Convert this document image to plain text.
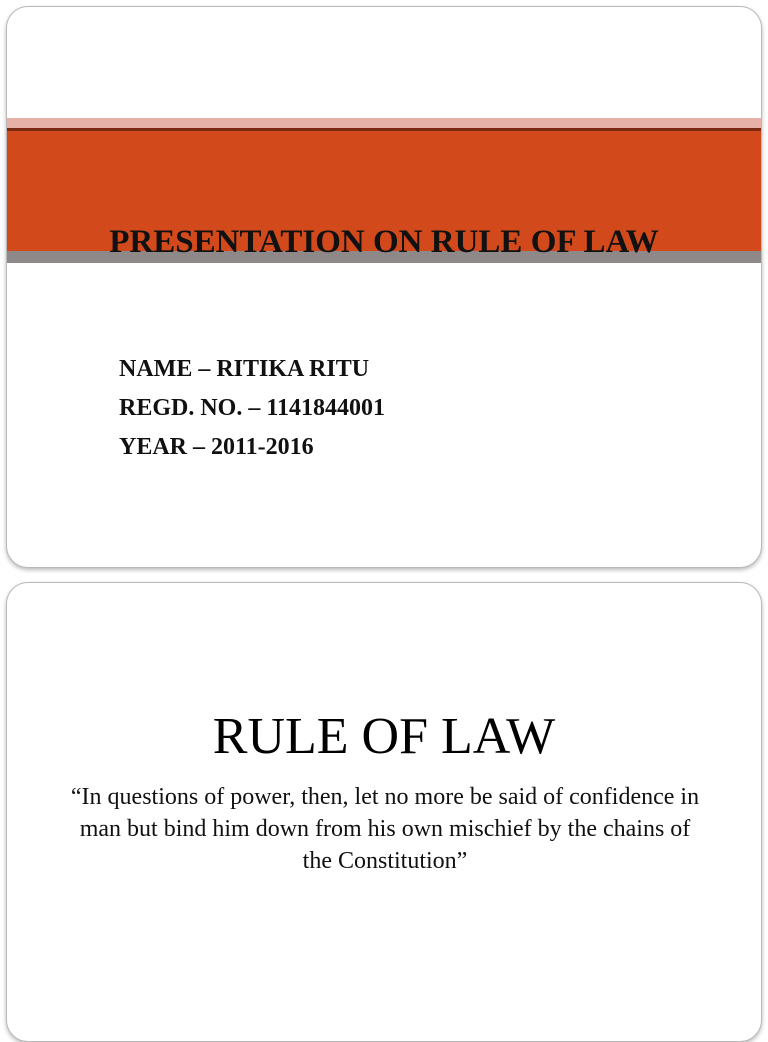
PRESENTATION ON RULE OF LAW
NAME – RITIKA RITU
REGD. NO. – 1141844001
YEAR – 2011-2016
RULE OF LAW

“In questions of power, then, let no more be said of confidence in man but bind him down from his own mischief by the chains of the Constitution”
